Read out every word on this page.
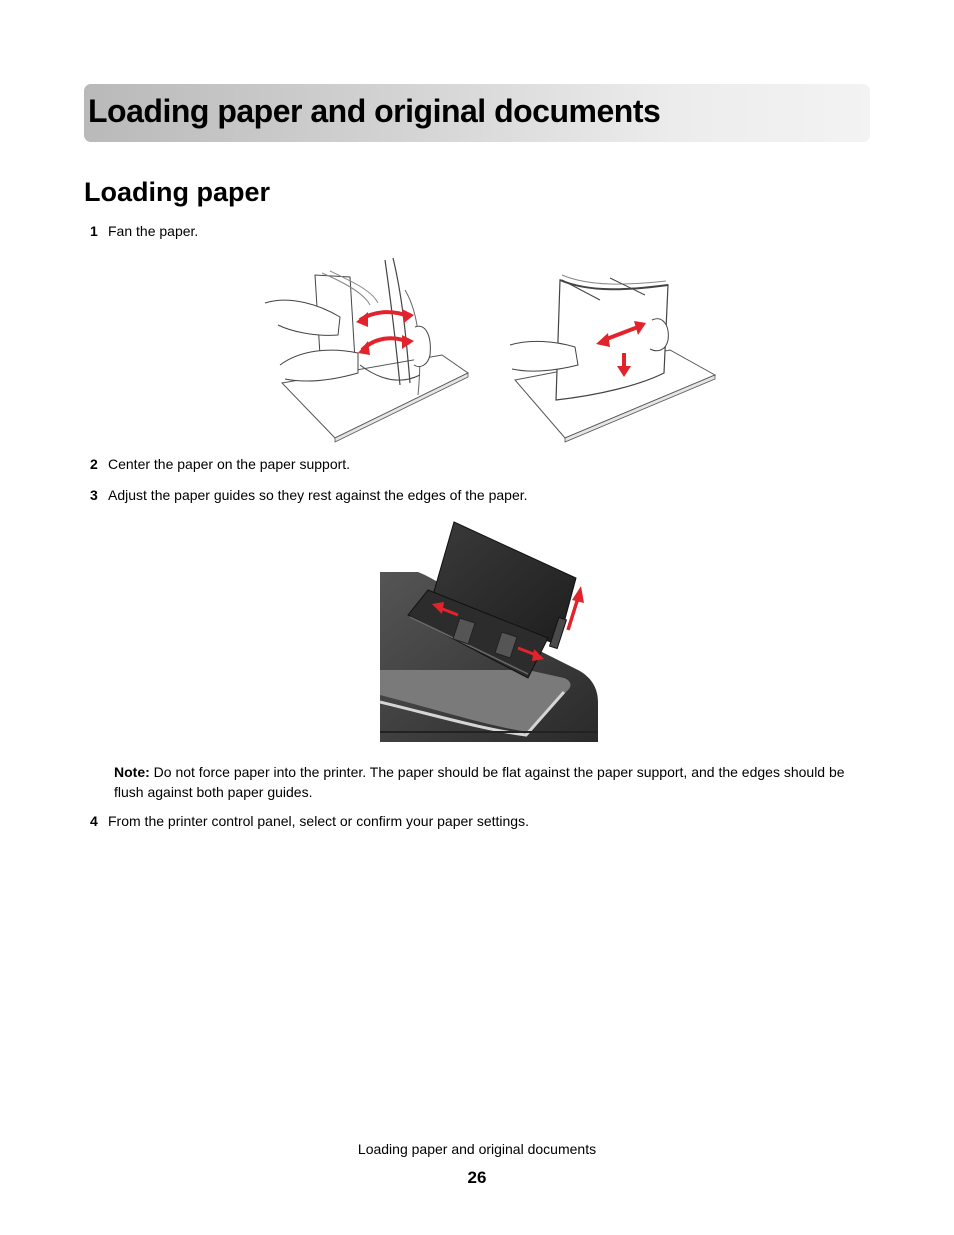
Loading paper and original documents
Loading paper
1 Fan the paper.
2 Center the paper on the paper support.
3 Adjust the paper guides so they rest against the edges of the paper.
Note: Do not force paper into the printer. The paper should be flat against the paper support, and the edges should be flush against both paper guides.
4 From the printer control panel, select or confirm your paper settings.
Loading paper and original documents
26
